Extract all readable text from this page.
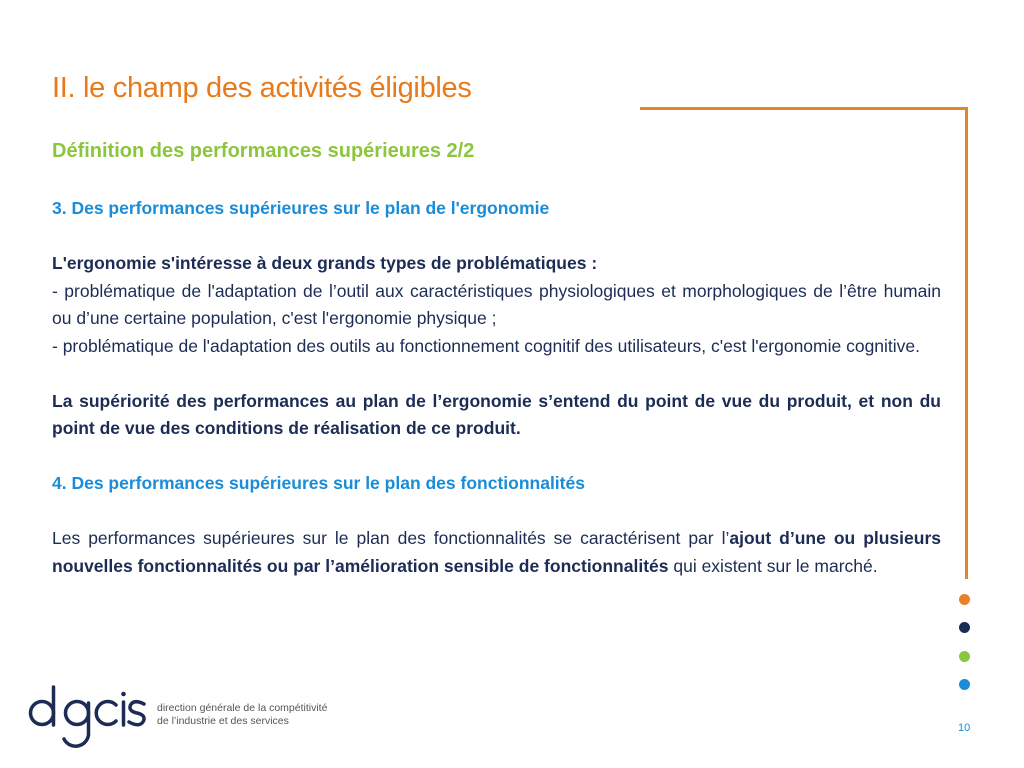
II. le champ des activités éligibles
Définition des performances supérieures 2/2

3. Des performances supérieures sur le plan de l'ergonomie

L'ergonomie s'intéresse à deux grands types de problématiques :

- problématique de l'adaptation de l’outil aux caractéristiques physiologiques et morphologiques de l’être humain ou d’une certaine population, c'est l'ergonomie physique ;

- problématique de l'adaptation des outils au fonctionnement cognitif des utilisateurs, c'est l'ergonomie cognitive.

La supériorité des performances au plan de l’ergonomie s’entend du point de vue du produit, et non du point de vue des conditions de réalisation de ce produit.

4. Des performances supérieures sur le plan des fonctionnalités

Les performances supérieures sur le plan des fonctionnalités se caractérisent par l’ajout d’une ou plusieurs nouvelles fonctionnalités ou par l’amélioration sensible de fonctionnalités qui existent sur le marché.

direction générale de la compétitivité
de l’industrie et des services
10
